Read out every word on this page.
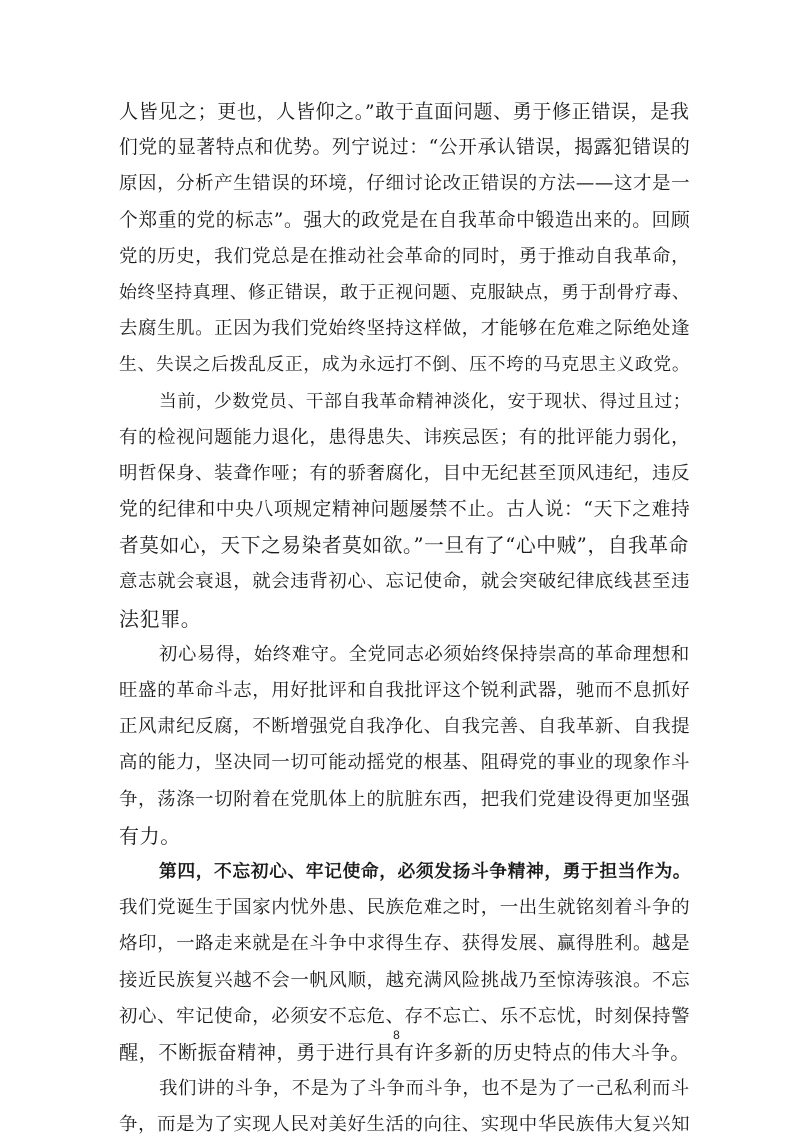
人皆见之；更也，人皆仰之。”敢于直面问题、勇于修正错误，是我
们党的显著特点和优势。列宁说过：“公开承认错误，揭露犯错误的
原因，分析产生错误的环境，仔细讨论改正错误的方法——这才是一
个郑重的党的标志”。强大的政党是在自我革命中锻造出来的。回顾
党的历史，我们党总是在推动社会革命的同时，勇于推动自我革命，
始终坚持真理、修正错误，敢于正视问题、克服缺点，勇于刮骨疗毒、
去腐生肌。正因为我们党始终坚持这样做，才能够在危难之际绝处逢
生、失误之后拨乱反正，成为永远打不倒、压不垮的马克思主义政党。
当前，少数党员、干部自我革命精神淡化，安于现状、得过且过；
有的检视问题能力退化，患得患失、讳疾忌医；有的批评能力弱化，
明哲保身、装聋作哑；有的骄奢腐化，目中无纪甚至顶风违纪，违反
党的纪律和中央八项规定精神问题屡禁不止。古人说：“天下之难持
者莫如心，天下之易染者莫如欲。”一旦有了“心中贼”，自我革命
意志就会衰退，就会违背初心、忘记使命，就会突破纪律底线甚至违
法犯罪。
初心易得，始终难守。全党同志必须始终保持崇高的革命理想和
旺盛的革命斗志，用好批评和自我批评这个锐利武器，驰而不息抓好
正风肃纪反腐，不断增强党自我净化、自我完善、自我革新、自我提
高的能力，坚决同一切可能动摇党的根基、阻碍党的事业的现象作斗
争，荡涤一切附着在党肌体上的肮脏东西，把我们党建设得更加坚强
有力。
第四，不忘初心、牢记使命，必须发扬斗争精神，勇于担当作为。
我们党诞生于国家内忧外患、民族危难之时，一出生就铭刻着斗争的
烙印，一路走来就是在斗争中求得生存、获得发展、赢得胜利。越是
接近民族复兴越不会一帆风顺，越充满风险挑战乃至惊涛骇浪。不忘
初心、牢记使命，必须安不忘危、存不忘亡、乐不忘忧，时刻保持警
醒，不断振奋精神，勇于进行具有许多新的历史特点的伟大斗争。
我们讲的斗争，不是为了斗争而斗争，也不是为了一己私利而斗
争，而是为了实现人民对美好生活的向往、实现中华民族伟大复兴知
8
